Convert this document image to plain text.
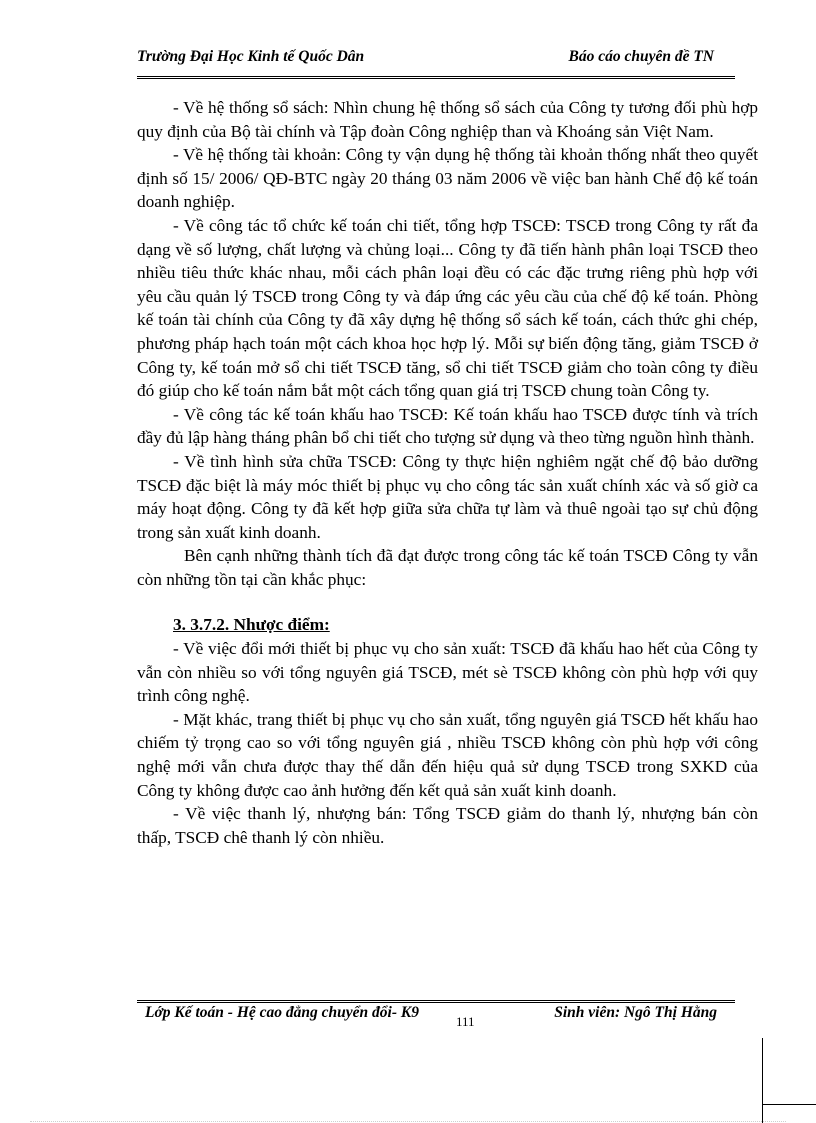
Trường Đại Học Kinh tế Quốc Dân	Báo cáo chuyên đề TN

- Về hệ thống sổ sách: Nhìn chung hệ thống sổ sách của Công ty tương đối phù hợp quy định của Bộ tài chính và Tập đoàn Công nghiệp than và Khoáng sản Việt Nam.

- Về hệ thống tài khoản: Công ty vận dụng hệ thống tài khoản thống nhất theo quyết định số 15/ 2006/ QĐ-BTC ngày 20 tháng 03 năm 2006 về việc ban hành Chế độ kế toán doanh nghiệp.

- Về công tác tổ chức kế toán chi tiết, tổng hợp TSCĐ: TSCĐ trong Công ty rất đa dạng về số lượng, chất lượng và chủng loại... Công ty đã tiến hành phân loại TSCĐ theo nhiều tiêu thức khác nhau, mỗi cách phân loại đều có các đặc trưng riêng phù hợp với yêu cầu quản lý TSCĐ trong Công ty và đáp ứng các yêu cầu của chế độ kế toán. Phòng kế toán tài chính của Công ty đã xây dựng hệ thống sổ sách kế toán, cách thức ghi chép, phương pháp hạch toán một cách khoa học hợp lý. Mỗi sự biến động tăng, giảm TSCĐ ở Công ty, kế toán mở sổ chi tiết TSCĐ tăng, sổ chi tiết TSCĐ giảm cho toàn công ty điều đó giúp cho kế toán nắm bắt một cách tổng quan giá trị TSCĐ chung toàn Công ty.

- Về công tác kế toán khấu hao TSCĐ: Kế toán khấu hao TSCĐ được tính và trích đầy đủ lập hàng tháng phân bổ chi tiết cho tượng sử dụng và theo từng nguồn hình thành.

- Về tình hình sửa chữa TSCĐ: Công ty thực hiện nghiêm ngặt chế độ bảo dưỡng TSCĐ đặc biệt là máy móc thiết bị phục vụ cho công tác sản xuất chính xác và số giờ ca máy hoạt động. Công ty đã kết hợp giữa sửa chữa tự làm và thuê ngoài tạo sự chủ động trong sản xuất kinh doanh.

Bên cạnh những thành tích đã đạt được trong công tác kế toán TSCĐ Công ty vẫn còn những tồn tại cần khắc phục:

3. 3.7.2. Nhược điểm:

- Về việc đổi mới thiết bị phục vụ cho sản xuất: TSCĐ đã khấu hao hết của Công ty vẫn còn nhiều so với tổng nguyên giá TSCĐ, mét sè TSCĐ không còn phù hợp với quy trình công nghệ.

- Mặt khác, trang thiết bị phục vụ cho sản xuất, tổng nguyên giá TSCĐ hết khấu hao chiếm tỷ trọng cao so với tổng nguyên giá , nhiều TSCĐ không còn phù hợp với công nghệ mới vẫn chưa được thay thế dẫn đến hiệu quả sử dụng TSCĐ trong SXKD của Công ty không được cao ảnh hưởng đến kết quả sản xuất kinh doanh.

- Về việc thanh lý, nhượng bán: Tổng TSCĐ giảm do thanh lý, nhượng bán còn thấp, TSCĐ chê thanh lý còn nhiều.

Lớp Kế toán - Hệ cao đẳng chuyển đổi- K9	Sinh viên: Ngô Thị Hằng
111
